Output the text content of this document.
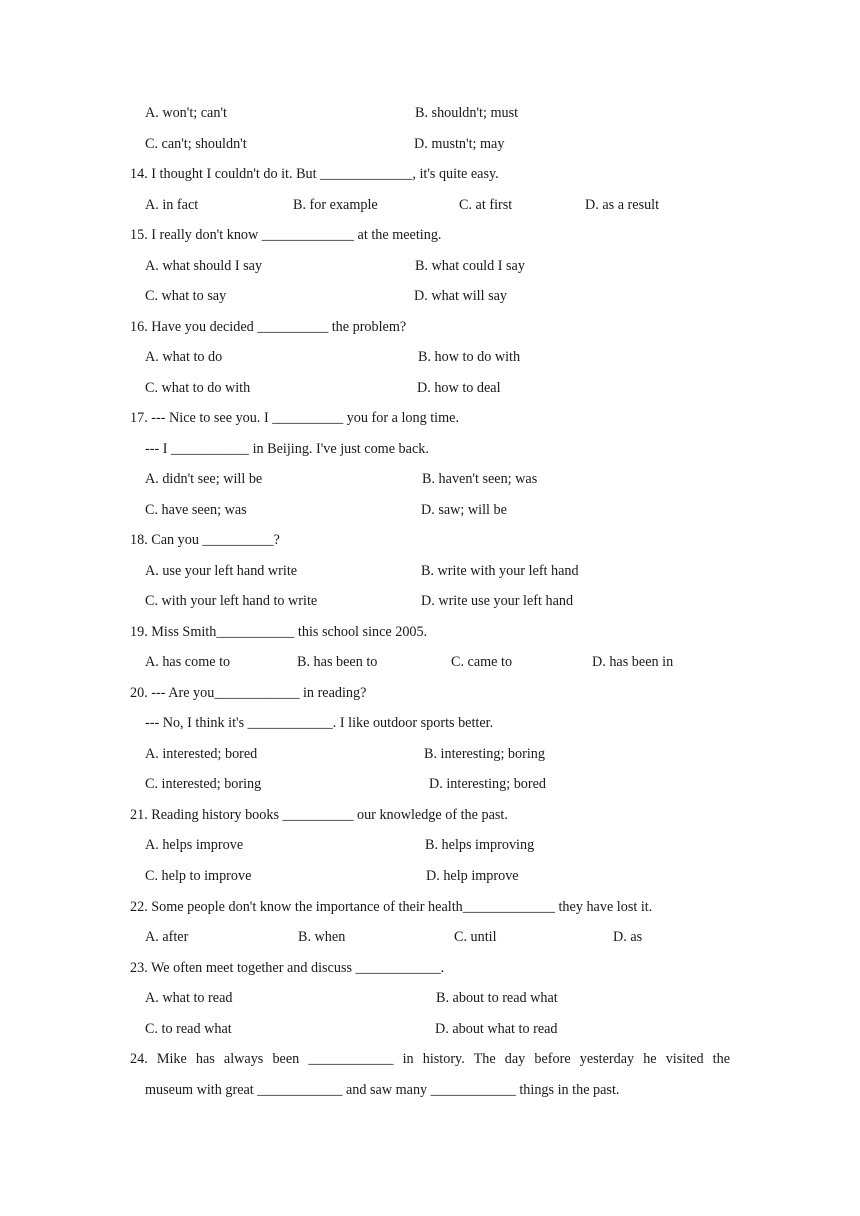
A. won't; can't	B. shouldn't; must
C. can't; shouldn't	D. mustn't; may
14. I thought I couldn't do it. But _____________, it's quite easy.
A. in fact	B. for example	C. at first	D. as a result
15. I really don't know _____________ at the meeting.
A. what should I say	B. what could I say
C. what to say	D. what will say
16. Have you decided __________ the problem?
A. what to do	B. how to do with
C. what to do with	D. how to deal
17. --- Nice to see you. I __________ you for a long time.
--- I ___________ in Beijing. I've just come back.
A. didn't see; will be	B. haven't seen; was
C. have seen; was	D. saw; will be
18. Can you __________?
A. use your left hand write	B. write with your left hand
C. with your left hand to write	D. write use your left hand
19. Miss Smith___________ this school since 2005.
A. has come to	B. has been to	C. came to	D. has been in
20. --- Are you____________ in reading?
--- No, I think it's ____________. I like outdoor sports better.
A. interested; bored	B. interesting; boring
C. interested; boring	D. interesting; bored
21. Reading history books __________ our knowledge of the past.
A. helps improve	B. helps improving
C. help to improve	D. help improve
22. Some people don't know the importance of their health_____________ they have lost it.
A. after	B. when	C. until	D. as
23. We often meet together and discuss ____________.
A. what to read	B. about to read what
C. to read what	D. about what to read
24. Mike has always been ____________ in history. The day before yesterday he visited the
museum with great ____________ and saw many ____________ things in the past.
